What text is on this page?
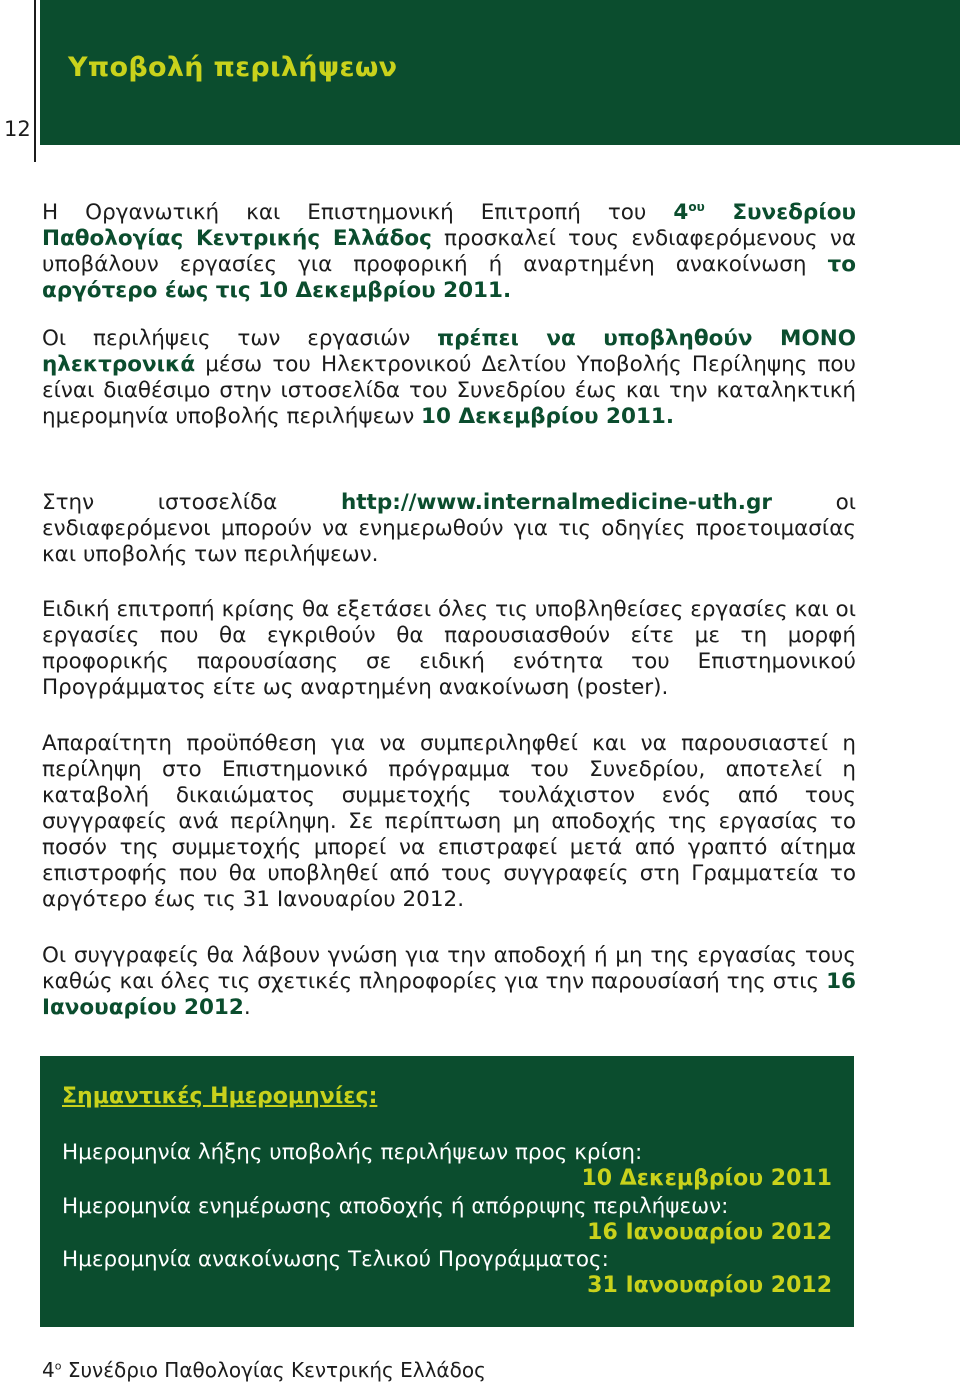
Υποβολή περιλήψεων
12
Η Οργανωτική και Επιστημονική Επιτροπή του $4^{o\upsilon}$ Συνεδρίου Παθολογίας Κεντρικής Ελλάδος προσκαλεί τους ενδιαφερόμενους να υποβάλουν εργασίες για προφορική ή αναρτημένη ανακοίνωση το αργότερο έως τις 10 Δεκεμβρίου 2011.
Οι περιλήψεις των εργασιών πρέπει να υποβληθούν ΜΟΝΟ ηλεκτρονικά μέσω του Ηλεκτρονικού Δελτίου Υποβολής Περίληψης που είναι διαθέσιμο στην ιστοσελίδα του Συνεδρίου έως και την καταληκτική ημερομηνία υποβολής περιλήψεων 10 Δεκεμβρίου 2011.
Στην ιστοσελίδα http://www.internalmedicine-uth.gr οι ενδιαφερόμενοι μπορούν να ενημερωθούν για τις οδηγίες προετοιμασίας και υποβολής των περιλήψεων.
Ειδική επιτροπή κρίσης θα εξετάσει όλες τις υποβληθείσες εργασίες και οι εργασίες που θα εγκριθούν θα παρουσιασθούν είτε με τη μορφή προφορικής παρουσίασης σε ειδική ενότητα του Επιστημονικού Προγράμματος είτε ως αναρτημένη ανακοίνωση (poster).
Απαραίτητη προϋπόθεση για να συμπεριληφθεί και να παρουσιαστεί η περίληψη στο Επιστημονικό πρόγραμμα του Συνεδρίου, αποτελεί η καταβολή δικαιώματος συμμετοχής τουλάχιστον ενός από τους συγγραφείς ανά περίληψη. Σε περίπτωση μη αποδοχής της εργασίας το ποσόν της συμμετοχής μπορεί να επιστραφεί μετά από γραπτό αίτημα επιστροφής που θα υποβληθεί από τους συγγραφείς στη Γραμματεία το αργότερο έως τις 31 Ιανουαρίου 2012.
Οι συγγραφείς θα λάβουν γνώση για την αποδοχή ή μη της εργασίας τους καθώς και όλες τις σχετικές πληροφορίες για την παρουσίασή της στις 16 Ιανουαρίου 2012.
Σημαντικές Ημερομηνίες:
Ημερομηνία λήξης υποβολής περιλήψεων προς κρίση:
10 Δεκεμβρίου 2011
Ημερομηνία ενημέρωσης αποδοχής ή απόρριψης περιλήψεων:
16 Ιανουαρίου 2012
Ημερομηνία ανακοίνωσης Τελικού Προγράμματος:
31 Ιανουαρίου 2012
$4^o$ Συνέδριο Παθολογίας Κεντρικής Ελλάδος
